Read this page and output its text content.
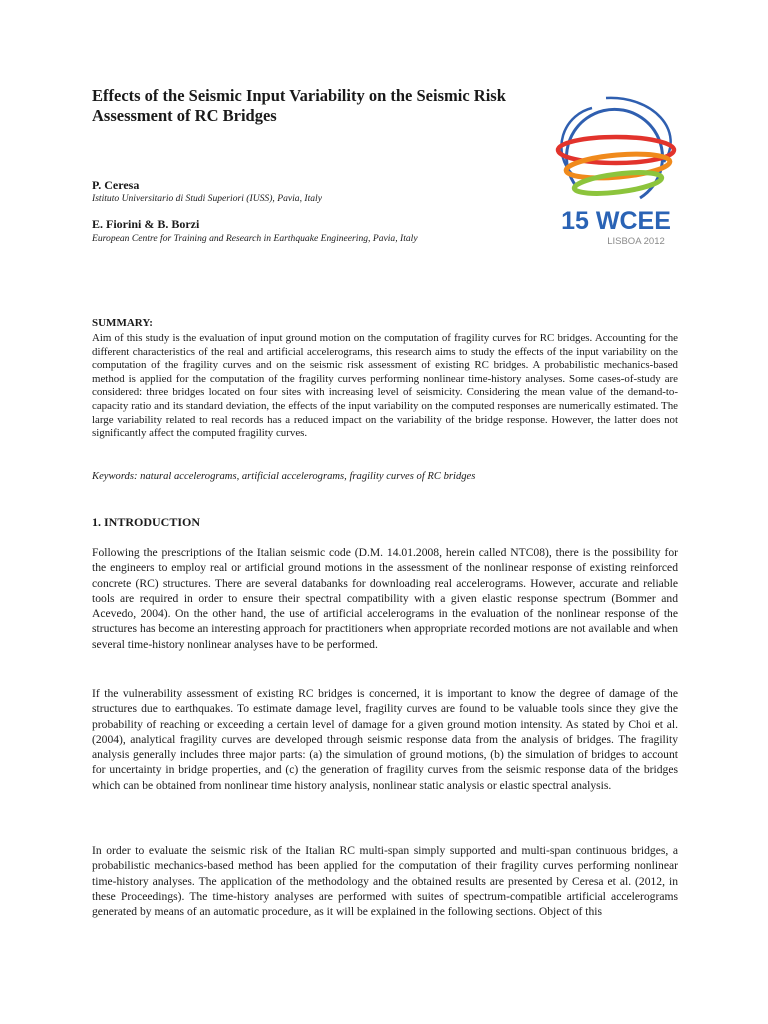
Effects of the Seismic Input Variability on the Seismic Risk Assessment of RC Bridges

P. Ceresa

Istituto Universitario di Studi Superiori (IUSS), Pavia, Italy

E. Fiorini & B. Borzi

European Centre for Training and Research in Earthquake Engineering, Pavia, Italy

15 WCEE
LISBOA 2012

SUMMARY:

Aim of this study is the evaluation of input ground motion on the computation of fragility curves for RC bridges. Accounting for the different characteristics of the real and artificial accelerograms, this research aims to study the effects of the input variability on the computation of the fragility curves and on the seismic risk assessment of existing RC bridges. A probabilistic mechanics-based method is applied for the computation of the fragility curves performing nonlinear time-history analyses. Some cases-of-study are considered: three bridges located on four sites with increasing level of seismicity. Considering the mean value of the demand-to-capacity ratio and its standard deviation, the effects of the input variability on the computed responses are numerically estimated. The large variability related to real records has a reduced impact on the variability of the bridge response. However, the latter does not significantly affect the computed fragility curves.

Keywords: natural accelerograms, artificial accelerograms, fragility curves of RC bridges

1. INTRODUCTION

Following the prescriptions of the Italian seismic code (D.M. 14.01.2008, herein called NTC08), there is the possibility for the engineers to employ real or artificial ground motions in the assessment of the nonlinear response of existing reinforced concrete (RC) structures. There are several databanks for downloading real accelerograms. However, accurate and reliable tools are required in order to ensure their spectral compatibility with a given elastic response spectrum (Bommer and Acevedo, 2004). On the other hand, the use of artificial accelerograms in the evaluation of the nonlinear response of the structures has become an interesting approach for practitioners when appropriate recorded motions are not available and when several time-history nonlinear analyses have to be performed.

If the vulnerability assessment of existing RC bridges is concerned, it is important to know the degree of damage of the structures due to earthquakes. To estimate damage level, fragility curves are found to be valuable tools since they give the probability of reaching or exceeding a certain level of damage for a given ground motion intensity. As stated by Choi et al. (2004), analytical fragility curves are developed through seismic response data from the analysis of bridges. The fragility analysis generally includes three major parts: (a) the simulation of ground motions, (b) the simulation of bridges to account for uncertainty in bridge properties, and (c) the generation of fragility curves from the seismic response data of the bridges which can be obtained from nonlinear time history analysis, nonlinear static analysis or elastic spectral analysis.

In order to evaluate the seismic risk of the Italian RC multi-span simply supported and multi-span continuous bridges, a probabilistic mechanics-based method has been applied for the computation of their fragility curves performing nonlinear time-history analyses. The application of the methodology and the obtained results are presented by Ceresa et al. (2012, in these Proceedings). The time-history analyses are performed with suites of spectrum-compatible artificial accelerograms generated by means of an automatic procedure, as it will be explained in the following sections. Object of this
